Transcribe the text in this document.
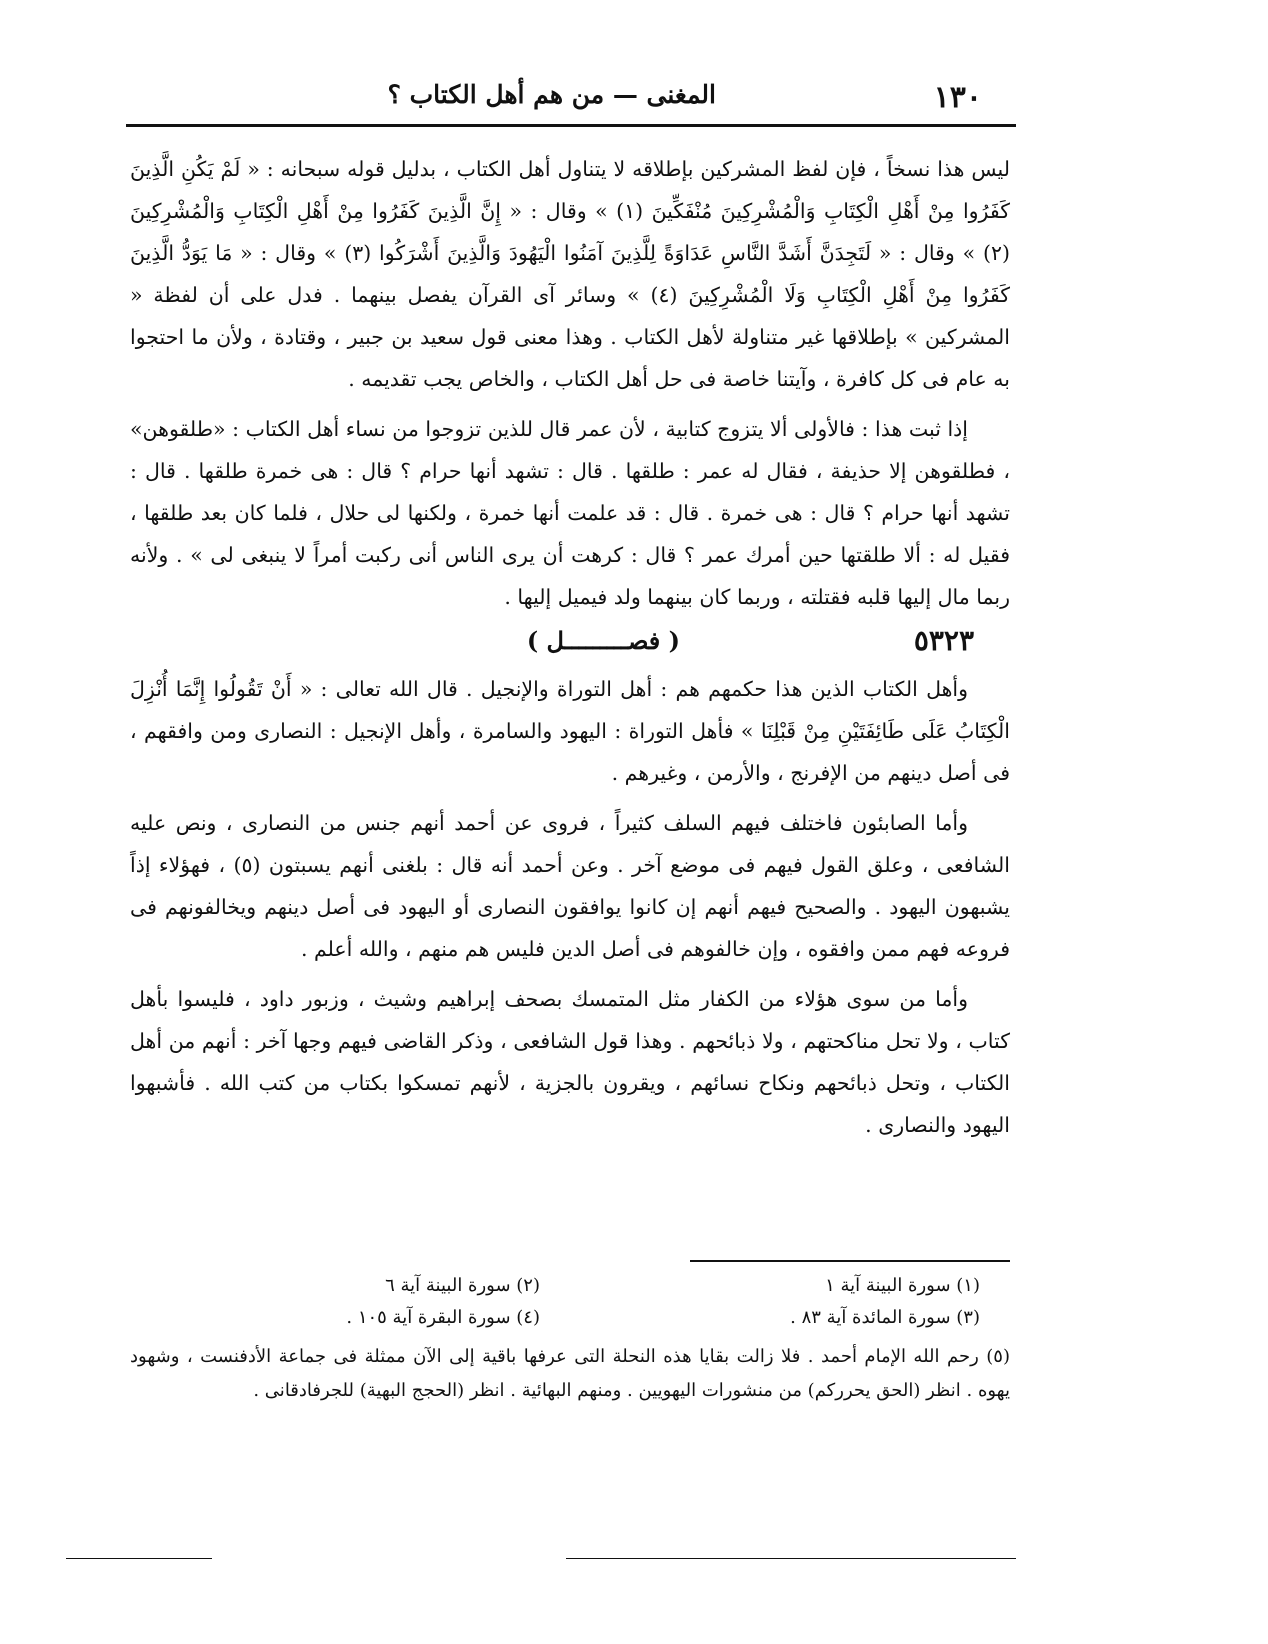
١٣٠
المغنى — من هم أهل الكتاب ؟

ليس هذا نسخاً ، فإن لفظ المشركين بإطلاقه لا يتناول أهل الكتاب ، بدليل قوله سبحانه : « لَمْ يَكُنِ الَّذِينَ كَفَرُوا مِنْ أَهْلِ الْكِتَابِ وَالْمُشْرِكِينَ مُنْفَكِّينَ (١) » وقال : « إِنَّ الَّذِينَ كَفَرُوا مِنْ أَهْلِ الْكِتَابِ وَالْمُشْرِكِينَ (٢) » وقال : « لَتَجِدَنَّ أَشَدَّ النَّاسِ عَدَاوَةً لِلَّذِينَ آمَنُوا الْيَهُودَ وَالَّذِينَ أَشْرَكُوا (٣) » وقال : « مَا يَوَدُّ الَّذِينَ كَفَرُوا مِنْ أَهْلِ الْكِتَابِ وَلَا الْمُشْرِكِينَ (٤) » وسائر آى القرآن يفصل بينهما . فدل على أن لفظة « المشركين » بإطلاقها غير متناولة لأهل الكتاب . وهذا معنى قول سعيد بن جبير ، وقتادة ، ولأن ما احتجوا به عام فى كل كافرة ، وآيتنا خاصة فى حل أهل الكتاب ، والخاص يجب تقديمه .

إذا ثبت هذا : فالأولى ألا يتزوج كتابية ، لأن عمر قال للذين تزوجوا من نساء أهل الكتاب : «طلقوهن» ، فطلقوهن إلا حذيفة ، فقال له عمر : طلقها . قال : تشهد أنها حرام ؟ قال : هى خمرة طلقها . قال : تشهد أنها حرام ؟ قال : هى خمرة . قال : قد علمت أنها خمرة ، ولكنها لى حلال ، فلما كان بعد طلقها ، فقيل له : ألا طلقتها حين أمرك عمر ؟ قال : كرهت أن يرى الناس أنى ركبت أمراً لا ينبغى لى » . ولأنه ربما مال إليها قلبه فقتلته ، وربما كان بينهما ولد فيميل إليها .

٥٣٢٣
( فصـــــــــل )

وأهل الكتاب الذين هذا حكمهم هم : أهل التوراة والإنجيل . قال الله تعالى : « أَنْ تَقُولُوا إِنَّمَا أُنْزِلَ الْكِتَابُ عَلَى طَائِفَتَيْنِ مِنْ قَبْلِنَا » فأهل التوراة : اليهود والسامرة ، وأهل الإنجيل : النصارى ومن وافقهم ، فى أصل دينهم من الإفرنج ، والأرمن ، وغيرهم .

وأما الصابئون فاختلف فيهم السلف كثيراً ، فروى عن أحمد أنهم جنس من النصارى ، ونص عليه الشافعى ، وعلق القول فيهم فى موضع آخر . وعن أحمد أنه قال : بلغنى أنهم يسبتون (٥) ، فهؤلاء إذاً يشبهون اليهود . والصحيح فيهم أنهم إن كانوا يوافقون النصارى أو اليهود فى أصل دينهم ويخالفونهم فى فروعه فهم ممن وافقوه ، وإن خالفوهم فى أصل الدين فليس هم منهم ، والله أعلم .

وأما من سوى هؤلاء من الكفار مثل المتمسك بصحف إبراهيم وشيث ، وزبور داود ، فليسوا بأهل كتاب ، ولا تحل مناكحتهم ، ولا ذبائحهم . وهذا قول الشافعى ، وذكر القاضى فيهم وجها آخر : أنهم من أهل الكتاب ، وتحل ذبائحهم ونكاح نسائهم ، ويقرون بالجزية ، لأنهم تمسكوا بكتاب من كتب الله . فأشبهوا اليهود والنصارى .

(١) سورة البينة آية ١
(٢) سورة البينة آية ٦
(٣) سورة المائدة آية ٨٣ .
(٤) سورة البقرة آية ١٠٥ .
(٥) رحم الله الإمام أحمد . فلا زالت بقايا هذه النحلة التى عرفها باقية إلى الآن ممثلة فى جماعة الأدفنست ، وشهود يهوه . انظر (الحق يحرركم) من منشورات اليهويين . ومنهم البهائية . انظر (الحجج البهية) للجرفادقانى .
